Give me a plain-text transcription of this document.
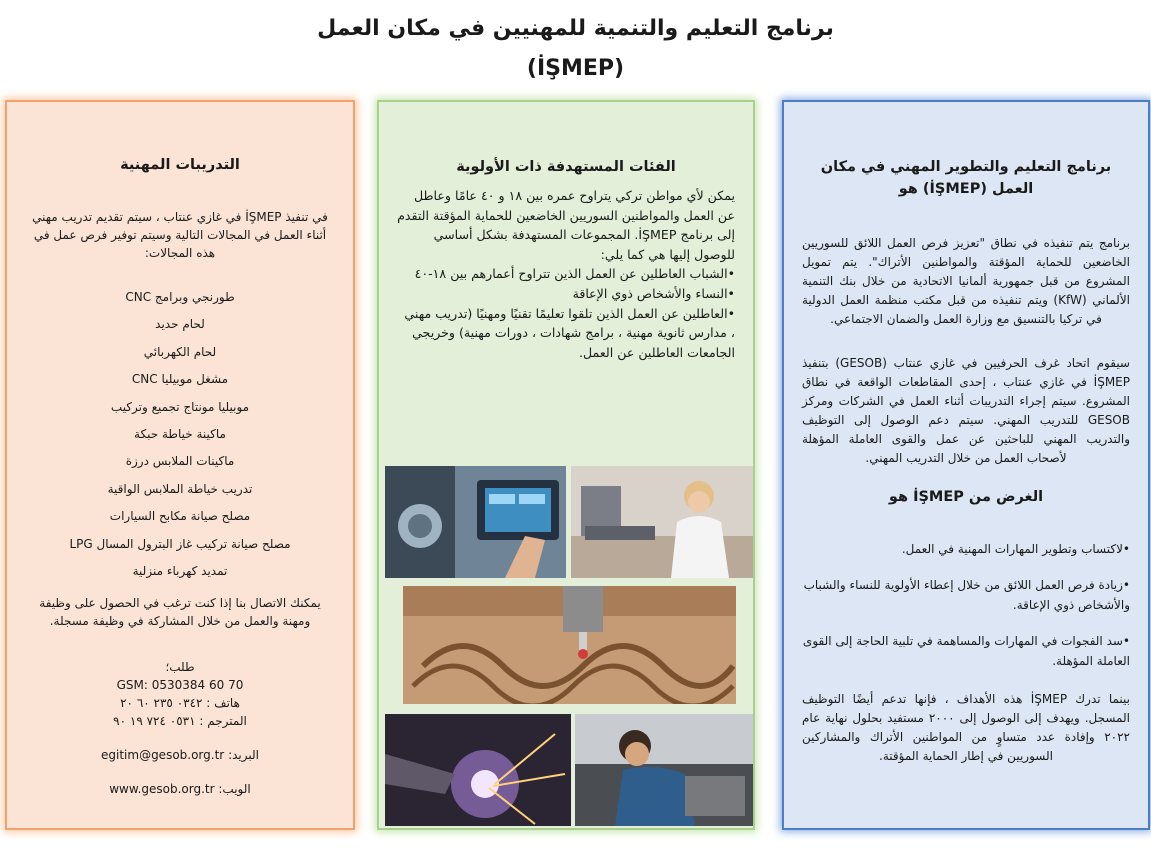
برنامج التعليم والتنمية للمهنيين في مكان العمل
(İŞMEP)

التدريبات المهنية

في تنفيذ İŞMEP في غازي عنتاب ، سيتم تقديم تدريب مهني أثناء العمل في المجالات التالية وسيتم توفير فرص عمل في هذه المجالات:

طورنجي وبرامج CNC
لحام حديد
لحام الكهربائي
مشغل موبيليا CNC
موبيليا مونتاج تجميع وتركيب
ماكينة خياطة حبكة
ماكينات الملابس درزة
تدريب خياطة الملابس الواقية
مصلح صيانة مكابح السيارات
مصلح صيانة تركيب غاز البترول المسال LPG
تمديد كهرباء منزلية

يمكنك الاتصال بنا إذا كنت ترغب في الحصول على وظيفة ومهنة والعمل من خلال المشاركة في وظيفة مسجلة.

طلب؛
GSM: 0530384 60 70
هاتف : ٠٣٤٢ ٢٣٥ ٦٠ ٢٠
المترجم : ٠٥٣١ ٧٢٤ ١٩ ٩٠
البريد: egitim@gesob.org.tr
الويب: www.gesob.org.tr

الفئات المستهدفة ذات الأولوية

يمكن لأي مواطن تركي يتراوح عمره بين ١٨ و ٤٠ عامًا وعاطل عن العمل والمواطنين السوريين الخاضعين للحماية المؤقتة التقدم إلى برنامج İŞMEP. المجموعات المستهدفة بشكل أساسي للوصول إليها هي كما يلي:

•الشباب العاطلين عن العمل الذين تتراوح أعمارهم بين ١٨-٤٠

•النساء والأشخاص ذوي الإعاقة

•العاطلين عن العمل الذين تلقوا تعليمًا تقنيًا ومهنيًا (تدريب مهني ، مدارس ثانوية مهنية ، برامج شهادات ، دورات مهنية) وخريجي الجامعات العاطلين عن العمل.

برنامج التعليم والتطوير المهني في مكان العمل (İŞMEP) هو

برنامج يتم تنفيذه في نطاق "تعزيز فرص العمل اللائق للسوريين الخاضعين للحماية المؤقتة والمواطنين الأتراك". يتم تمويل المشروع من قبل جمهورية ألمانيا الاتحادية من خلال بنك التنمية الألماني (KfW) ويتم تنفيذه من قبل مكتب منظمة العمل الدولية في تركيا بالتنسيق مع وزارة العمل والضمان الاجتماعي.

سيقوم اتحاد غرف الحرفيين في غازي عنتاب (GESOB) بتنفيذ İŞMEP في غازي عنتاب ، إحدى المقاطعات الواقعة في نطاق المشروع. سيتم إجراء التدريبات أثناء العمل في الشركات ومركز GESOB للتدريب المهني. سيتم دعم الوصول إلى التوظيف والتدريب المهني للباحثين عن عمل والقوى العاملة المؤهلة لأصحاب العمل من خلال التدريب المهني.

الغرض من İŞMEP هو

•لاكتساب وتطوير المهارات المهنية في العمل.

•زيادة فرص العمل اللائق من خلال إعطاء الأولوية للنساء والشباب والأشخاص ذوي الإعاقة.

•سد الفجوات في المهارات والمساهمة في تلبية الحاجة إلى القوى العاملة المؤهلة.

بينما تدرك İŞMEP هذه الأهداف ، فإنها تدعم أيضًا التوظيف المسجل. ويهدف إلى الوصول إلى ٢٠٠٠ مستفيد بحلول نهاية عام ٢٠٢٢ وإفادة عدد متساوٍ من المواطنين الأتراك والمشاركين السوريين في إطار الحماية المؤقتة.
